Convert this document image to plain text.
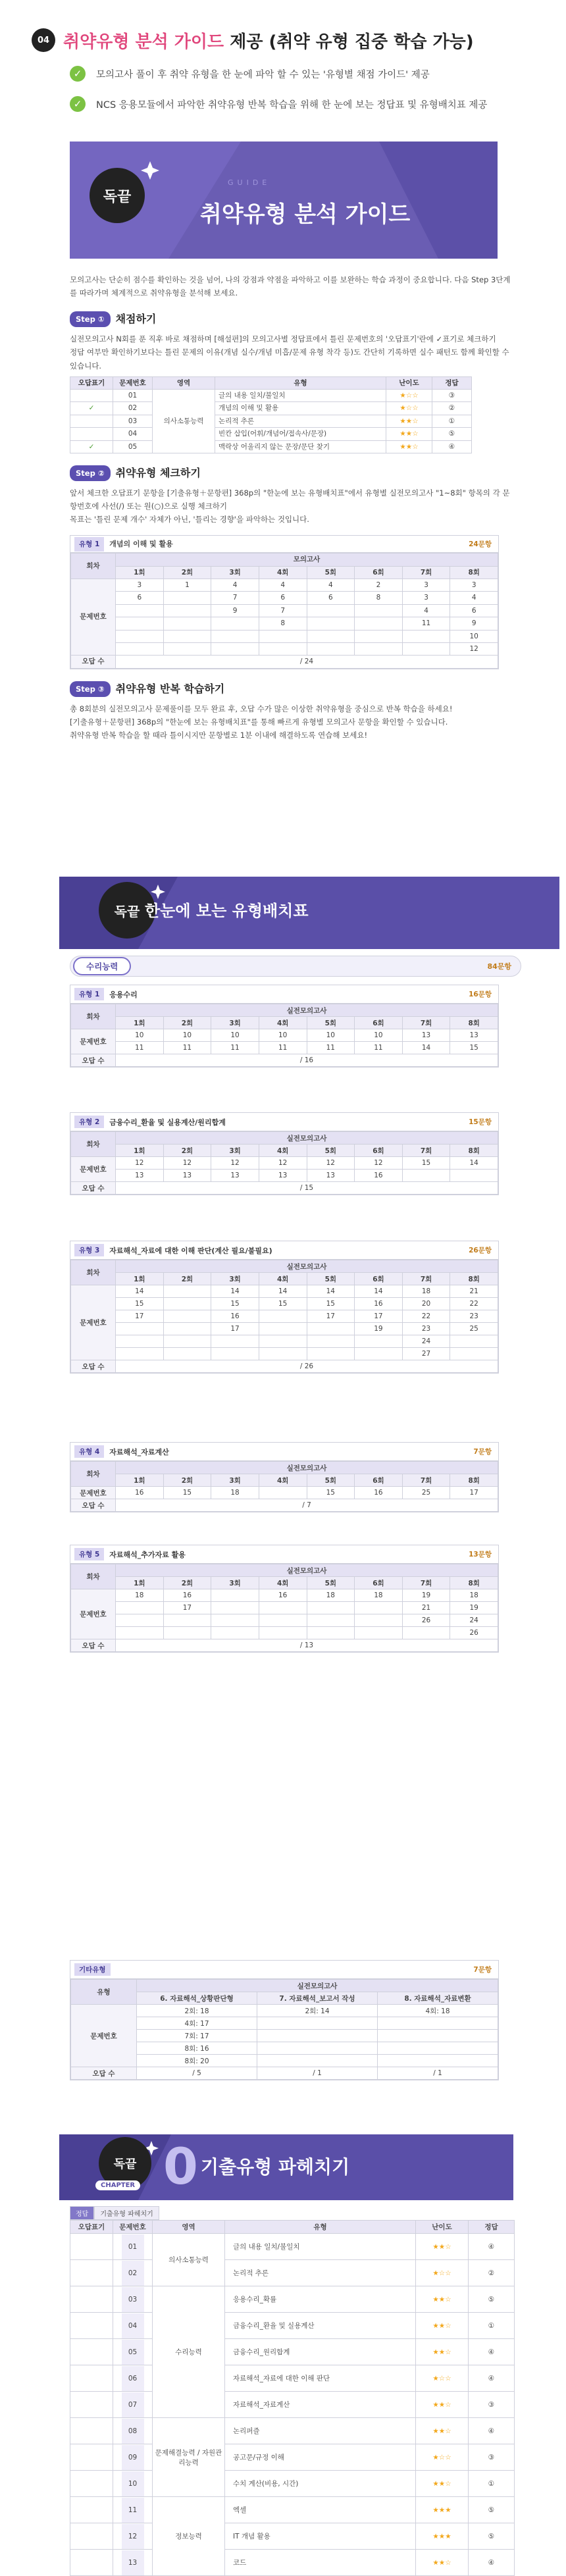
04 취약유형 분석 가이드 제공 (취약 유형 집중 학습 가능)
✓	모의고사 풀이 후 취약 유형을 한 눈에 파악 할 수 있는 '유형별 채점 가이드' 제공
✓	NCS 응용모듈에서 파악한 취약유형 반복 학습을 위해 한 눈에 보는 정답표 및 유형배치표 제공
독끝
GUIDE
취약유형 분석 가이드

모의고사는 단순히 점수를 확인하는 것을 넘어, 나의 강점과 약점을 파악하고 이를 보완하는 학습 과정이 중요합니다. 다음 Step 3단계를 따라가며 체계적으로 취약유형을 분석해 보세요.

Step ①	채점하기

실전모의고사 N회를 푼 직후 바로 채점하며 [해설편]의 모의고사별 정답표에서 틀린 문제번호의 '오답표기'란에 ✓표기로 체크하기

정답 여부만 확인하기보다는 틀린 문제의 이유(개념 실수/개념 미흡/문제 유형 착각 등)도 간단히 기록하면 실수 패턴도 함께 확인할 수 있습니다.

오답표기	문제번호	영역	유형	난이도	정답
	01	의사소통능력	글의 내용 일치/불일치	★☆☆	③
✓	02		개념의 이해 및 활용	★☆☆	②
	03		논리적 추론	★★☆	①
	04		빈칸 삽입(어휘/개념어/접속사/문장)	★★☆	⑤
✓	05		맥락상 어울리지 않는 문장/문단 찾기	★★☆	④
Step ②	취약유형 체크하기

앞서 체크한 오답표기 문항을 [기출유형＋문항편] 368p의 "한눈에 보는 유형배치표"에서 유형별 실전모의고사 "1~8회" 항목의 각 문항번호에 사선(/) 또는 원(○)으로 실행 체크하기

목표는 '틀린 문제 개수' 자체가 아닌, '틀리는 경향'을 파악하는 것입니다.

유형 1	개념의 이해 및 활용	24문항
회차	모의고사							
	1회	2회	3회	4회	5회	6회	7회	8회
문제번호	3	1	4	4	4	2	3	3
	6		7	6	6	8	3	4
			9	7			4	6
				8			11	9
								10
								12
오답 수	/ 24							
Step ③	취약유형 반복 학습하기

총 8회분의 실전모의고사 문제풀이를 모두 완료 후, 오답 수가 많은 이상한 취약유형을 중심으로 반복 학습을 하세요!

[기출유형＋문항편] 368p의 "한눈에 보는 유형배치표"를 통해 빠르게 유형별 모의고사 문항을 확인할 수 있습니다.

취약유형 반복 학습을 할 때라 틀이시지만 문항별로 1분 이내에 해결하도록 연습해 보세요!

독끝 한눈에 보는 유형배치표
수리능력	84문항
유형 1	응용수리	16문항
회차	실전모의고사							
	1회	2회	3회	4회	5회	6회	7회	8회
문제번호	10	10	10	10	10	10	13	13
	11	11	11	11	11	11	14	15
오답 수	/ 16							
유형 2	금융수리_환율 및 실용계산/원리합계	15문항
회차	실전모의고사							
	1회	2회	3회	4회	5회	6회	7회	8회
문제번호	12	12	12	12	12	12	15	14
	13	13	13	13	13	16		
오답 수	/ 15							
유형 3	자료해석_자료에 대한 이해 판단(계산 필요/불필요)	26문항
회차	실전모의고사							
	1회	2회	3회	4회	5회	6회	7회	8회
문제번호	14		14	14	14	14	18	21
	15		15	15	15	16	20	22
	17		16		17	17	22	23
			17			19	23	25
							24	
							27	
오답 수	/ 26							
유형 4	자료해석_자료계산	7문항
회차	실전모의고사							
	1회	2회	3회	4회	5회	6회	7회	8회
문제번호	16	15	18		15	16	25	17
오답 수	/ 7							
유형 5	자료해석_추가자료 활용	13문항
회차	실전모의고사							
	1회	2회	3회	4회	5회	6회	7회	8회
문제번호	18	16		16	18	18	19	18
		17					21	19
							26	24
								26
오답 수	/ 13							
기타유형	7문항
유형	실전모의고사		
	6. 자료해석_상황판단형	7. 자료해석_보고서 작성	8. 자료해석_자료변환
문제번호	2회: 18	2회: 14	4회: 18
	4회: 17		
	7회: 17		
	8회: 16		
	8회: 20		
오답 수	/ 5	/ 1	/ 1
독끝
CHAPTER 0 기출유형 파헤치기
정답	기출유형 파헤치기
오답표기	문제번호	영역	유형	난이도	정답
	01	의사소통능력	글의 내용 일치/불일치	★★☆	④
	02		논리적 추론	★☆☆	②
	03	수리능력	응용수리_확률	★★☆	⑤
	04		금융수리_환율 및 실용계산	★★☆	①
	05		금융수리_원리합계	★★☆	④
	06		자료해석_자료에 대한 이해 판단	★☆☆	④
	07		자료해석_자료계산	★★☆	③
	08	문제해결능력 / 자원관리능력	논리퍼즐	★★☆	④
	09		공고문/규정 이해	★☆☆	③
	10		수치 계산(비용, 시간)	★★☆	①
	11	정보능력	엑셀	★★★	⑤
	12		IT 개념 활용	★★★	⑤
	13		코드	★★☆	④
